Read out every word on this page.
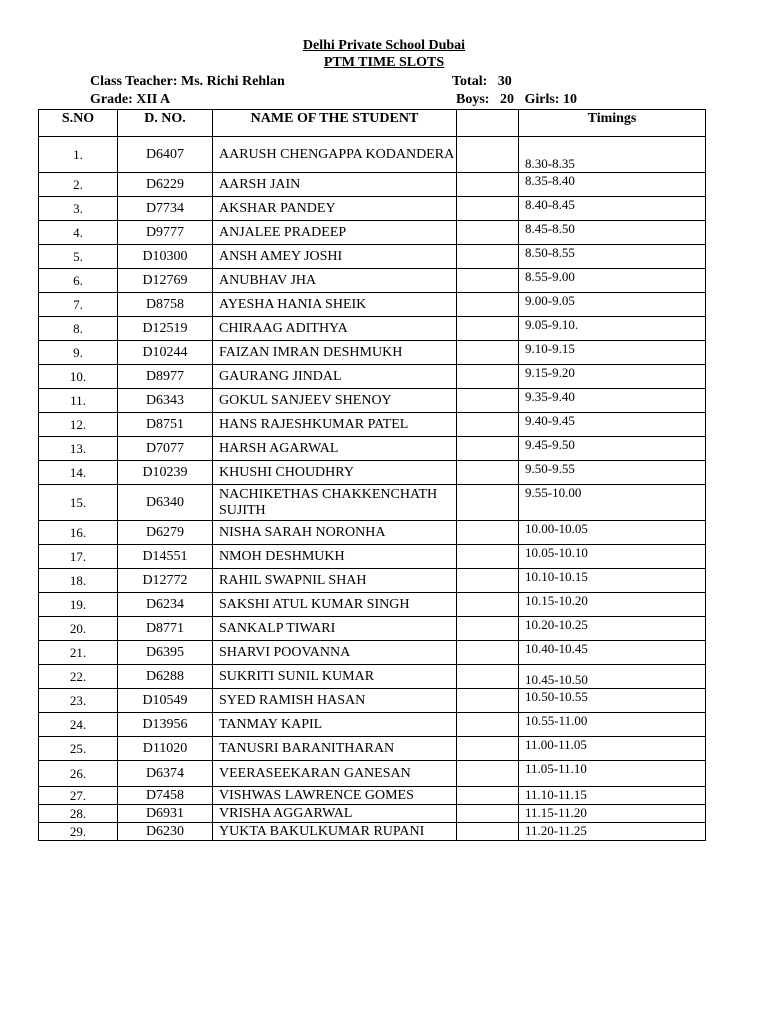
Delhi Private School Dubai
PTM TIME SLOTS
Class Teacher: Ms. Richi Rehlan
Grade: XII A
Total:   30
Boys:   20   Girls: 10
S.NO	D. NO.	NAME OF THE STUDENT		Timings
1.	D6407	AARUSH CHENGAPPA KODANDERA		8.30-8.35
2.	D6229	AARSH JAIN		8.35-8.40
3.	D7734	AKSHAR PANDEY		8.40-8.45
4.	D9777	ANJALEE PRADEEP		8.45-8.50
5.	D10300	ANSH AMEY JOSHI		8.50-8.55
6.	D12769	ANUBHAV JHA		8.55-9.00
7.	D8758	AYESHA HANIA SHEIK		9.00-9.05
8.	D12519	CHIRAAG ADITHYA		9.05-9.10.
9.	D10244	FAIZAN IMRAN DESHMUKH		9.10-9.15
10.	D8977	GAURANG JINDAL		9.15-9.20
11.	D6343	GOKUL SANJEEV SHENOY		9.35-9.40
12.	D8751	HANS RAJESHKUMAR PATEL		9.40-9.45
13.	D7077	HARSH AGARWAL		9.45-9.50
14.	D10239	KHUSHI CHOUDHRY		9.50-9.55
15.	D6340	NACHIKETHAS CHAKKENCHATH SUJITH		9.55-10.00
16.	D6279	NISHA SARAH NORONHA		10.00-10.05
17.	D14551	NMOH DESHMUKH		10.05-10.10
18.	D12772	RAHIL SWAPNIL SHAH		10.10-10.15
19.	D6234	SAKSHI ATUL KUMAR SINGH		10.15-10.20
20.	D8771	SANKALP TIWARI		10.20-10.25
21.	D6395	SHARVI POOVANNA		10.40-10.45
22.	D6288	SUKRITI SUNIL KUMAR		10.45-10.50
23.	D10549	SYED RAMISH HASAN		10.50-10.55
24.	D13956	TANMAY KAPIL		10.55-11.00
25.	D11020	TANUSRI BARANITHARAN		11.00-11.05
26.	D6374	VEERASEEKARAN GANESAN		11.05-11.10
27.	D7458	VISHWAS LAWRENCE GOMES		11.10-11.15
28.	D6931	VRISHA AGGARWAL		11.15-11.20
29.	D6230	YUKTA BAKULKUMAR RUPANI		11.20-11.25
